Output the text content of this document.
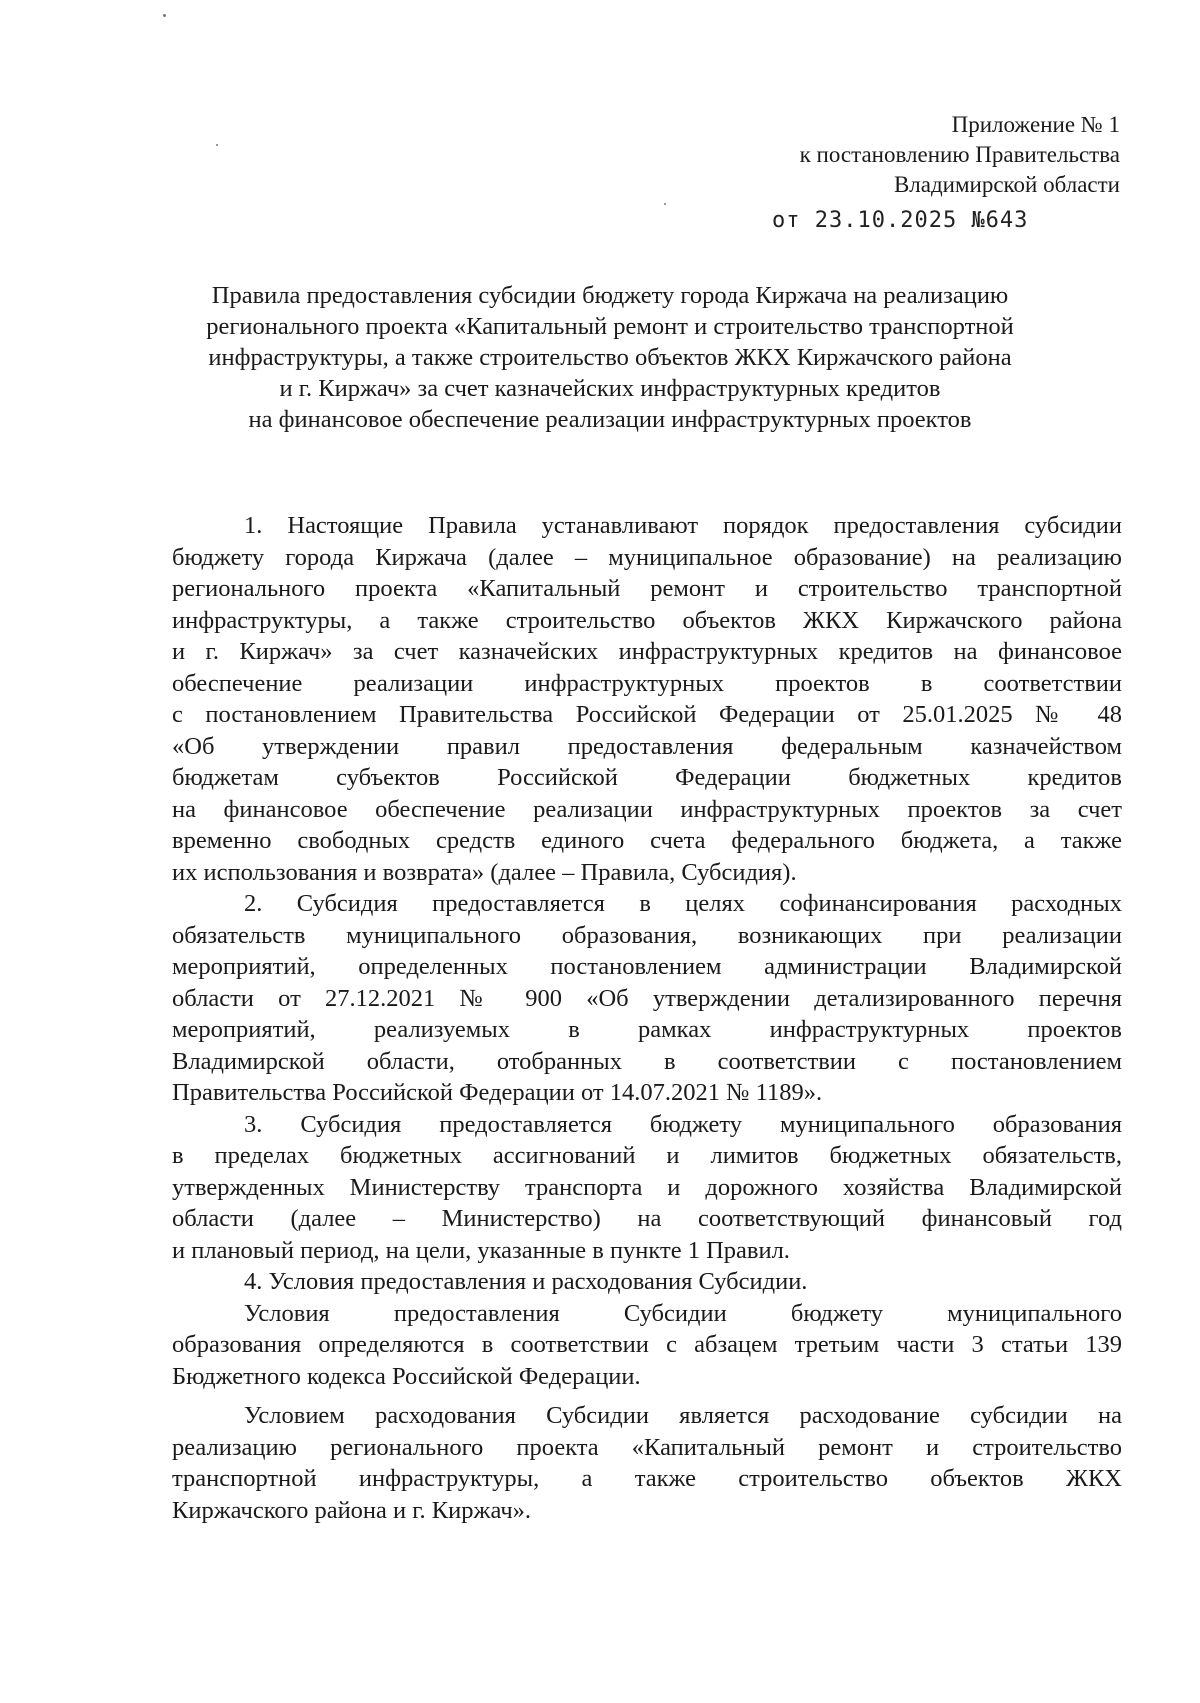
Приложение № 1
к постановлению Правительства
Владимирской области
от 23.10.2025 №643
Правила предоставления субсидии бюджету города Киржача на реализацию
регионального проекта «Капитальный ремонт и строительство транспортной
инфраструктуры, а также строительство объектов ЖКХ Киржачского района
и г. Киржач» за счет казначейских инфраструктурных кредитов
на финансовое обеспечение реализации инфраструктурных проектов
1. Настоящие Правила устанавливают порядок предоставления субсидии
бюджету города Киржача (далее – муниципальное образование) на реализацию
регионального проекта «Капитальный ремонт и строительство транспортной
инфраструктуры, а также строительство объектов ЖКХ Киржачского района
и г. Киржач» за счет казначейских инфраструктурных кредитов на финансовое
обеспечение реализации инфраструктурных проектов в соответствии
с постановлением Правительства Российской Федерации от 25.01.2025 № 48
«Об утверждении правил предоставления федеральным казначейством
бюджетам субъектов Российской Федерации бюджетных кредитов
на финансовое обеспечение реализации инфраструктурных проектов за счет
временно свободных средств единого счета федерального бюджета, а также
их использования и возврата» (далее – Правила, Субсидия).
2. Субсидия предоставляется в целях софинансирования расходных
обязательств муниципального образования, возникающих при реализации
мероприятий, определенных постановлением администрации Владимирской
области от 27.12.2021 № 900 «Об утверждении детализированного перечня
мероприятий, реализуемых в рамках инфраструктурных проектов
Владимирской области, отобранных в соответствии с постановлением
Правительства Российской Федерации от 14.07.2021 № 1189».
3. Субсидия предоставляется бюджету муниципального образования
в пределах бюджетных ассигнований и лимитов бюджетных обязательств,
утвержденных Министерству транспорта и дорожного хозяйства Владимирской
области (далее – Министерство) на соответствующий финансовый год
и плановый период, на цели, указанные в пункте 1 Правил.
4. Условия предоставления и расходования Субсидии.
Условия предоставления Субсидии бюджету муниципального
образования определяются в соответствии с абзацем третьим части 3 статьи 139
Бюджетного кодекса Российской Федерации.
Условием расходования Субсидии является расходование субсидии на
реализацию регионального проекта «Капитальный ремонт и строительство
транспортной инфраструктуры, а также строительство объектов ЖКХ
Киржачского района и г. Киржач».
